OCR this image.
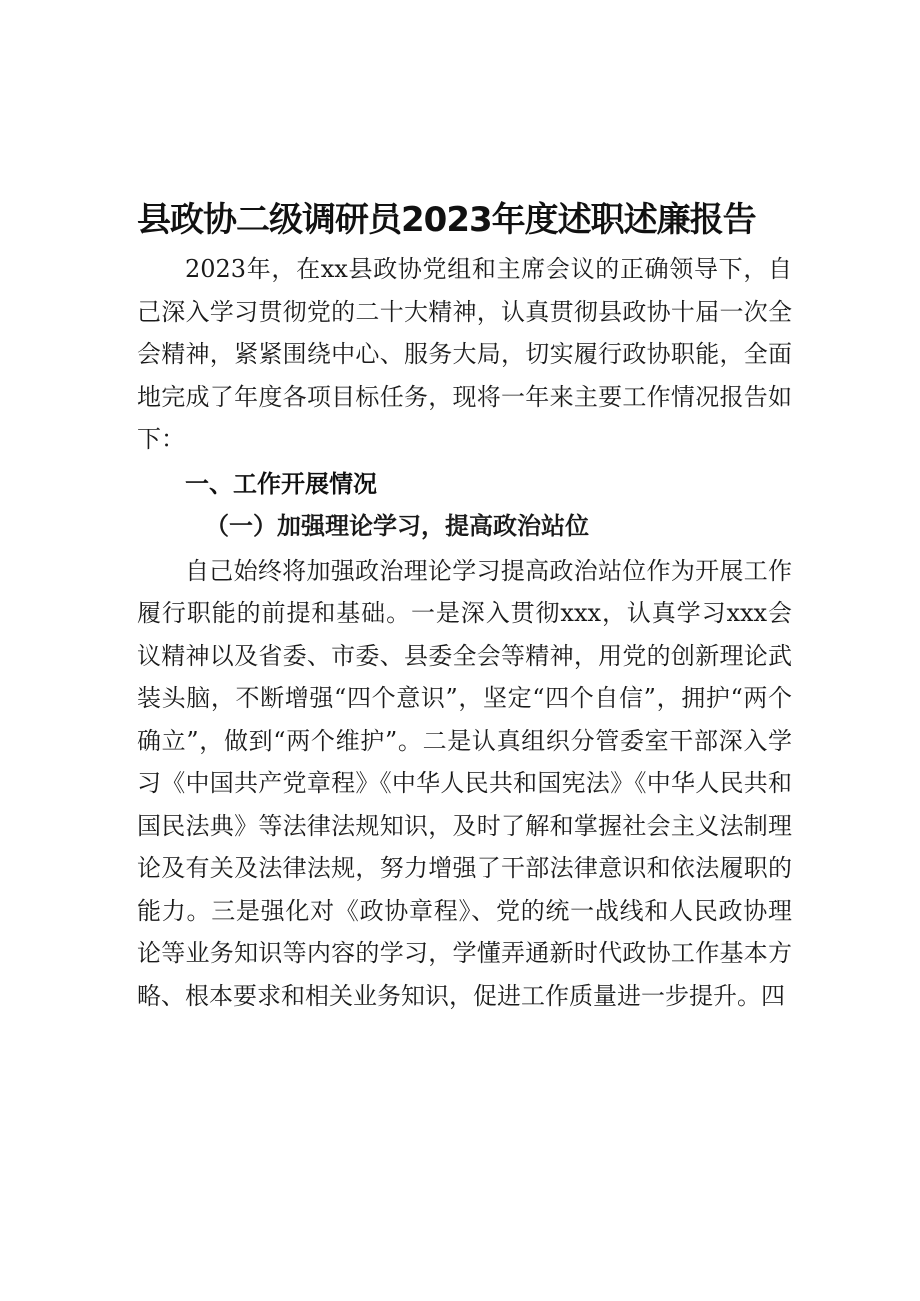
县政协二级调研员2023年度述职述廉报告

2023年，在xx县政协党组和主席会议的正确领导下，自己深入学习贯彻党的二十大精神，认真贯彻县政协十届一次全会精神，紧紧围绕中心、服务大局，切实履行政协职能，全面地完成了年度各项目标任务，现将一年来主要工作情况报告如下：

一、工作开展情况
（一）加强理论学习，提高政治站位

自己始终将加强政治理论学习提高政治站位作为开展工作履行职能的前提和基础。一是深入贯彻xxx，认真学习xxx会议精神以及省委、市委、县委全会等精神，用党的创新理论武装头脑，不断增强“四个意识”，坚定“四个自信”，拥护“两个确立”，做到“两个维护”。二是认真组织分管委室干部深入学习《中国共产党章程》《中华人民共和国宪法》《中华人民共和国民法典》等法律法规知识，及时了解和掌握社会主义法制理论及有关及法律法规，努力增强了干部法律意识和依法履职的能力。三是强化对《政协章程》、党的统一战线和人民政协理论等业务知识等内容的学习，学懂弄通新时代政协工作基本方略、根本要求和相关业务知识，促进工作质量进一步提升。四
